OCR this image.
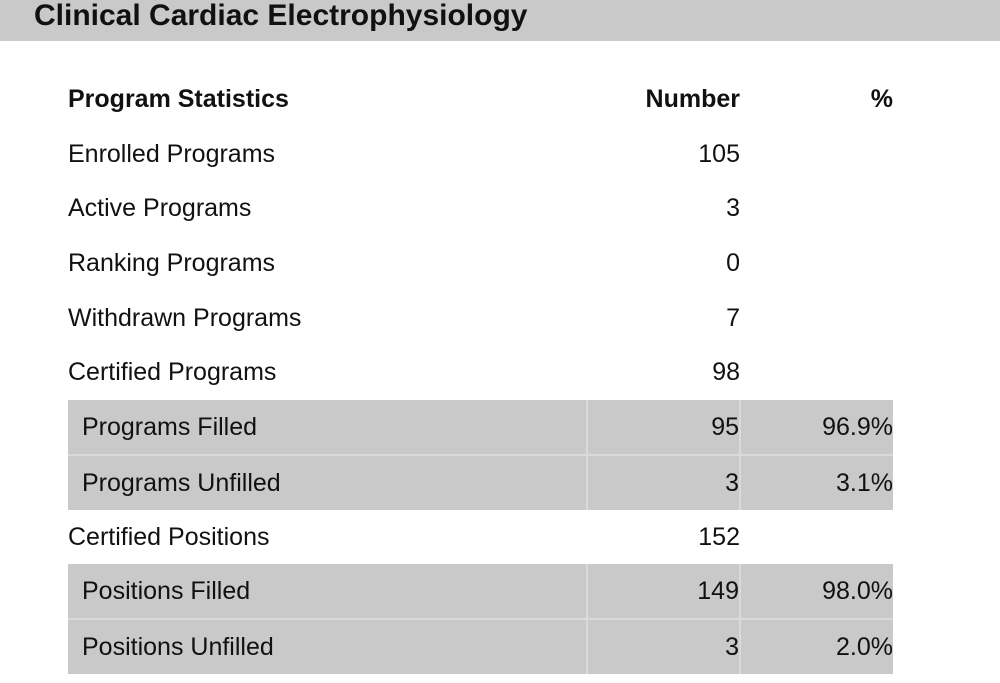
Clinical Cardiac Electrophysiology
Program Statistics	Number	%
Enrolled Programs	105	
Active Programs	3	
Ranking Programs	0	
Withdrawn Programs	7	
Certified Programs	98	
Programs Filled	95	96.9%
Programs Unfilled	3	3.1%
Certified Positions	152	
Positions Filled	149	98.0%
Positions Unfilled	3	2.0%
